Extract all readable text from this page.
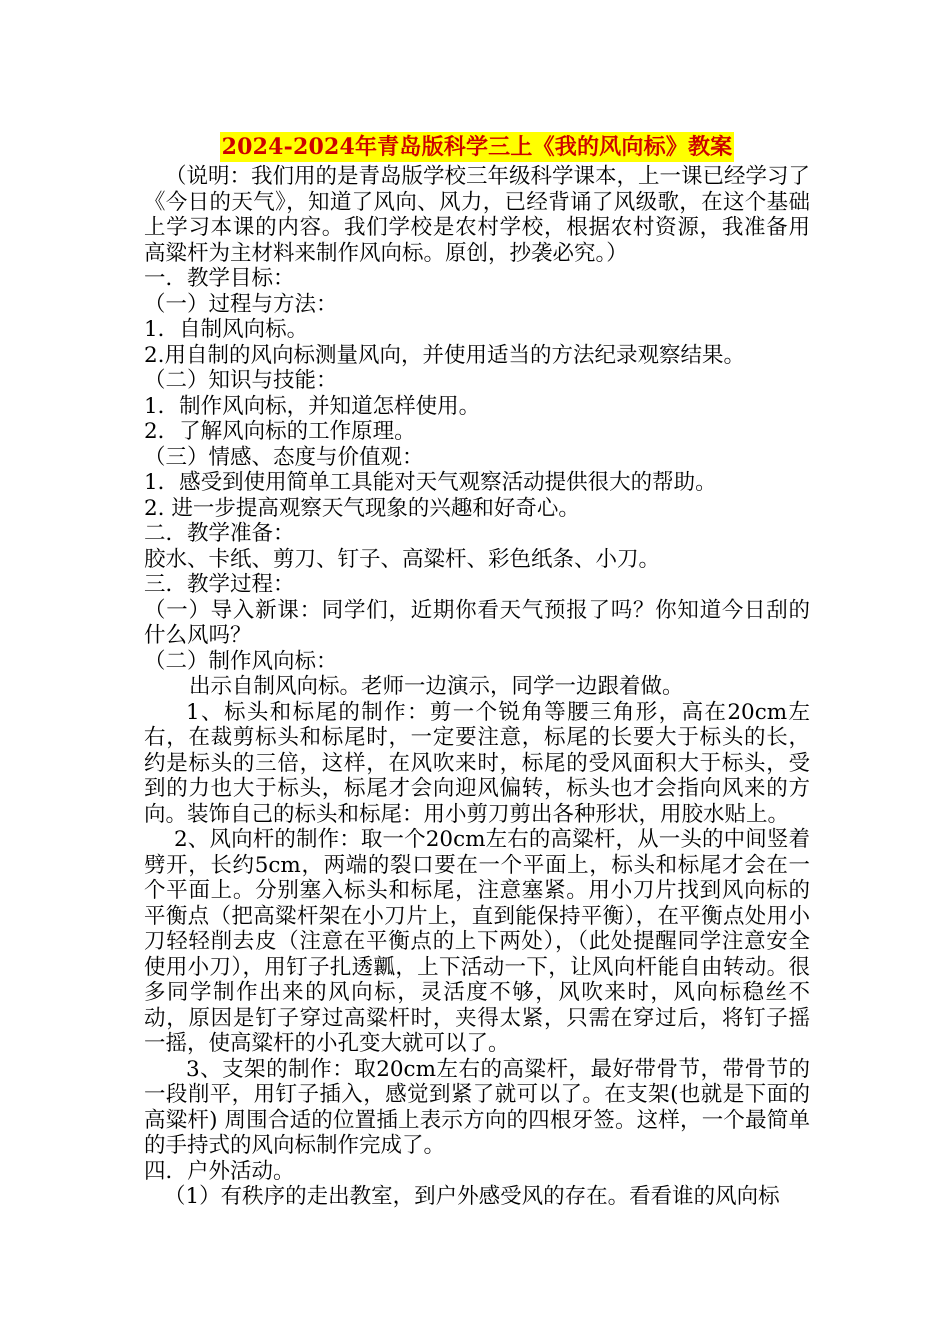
2024-2024年青岛版科学三上《我的风向标》教案

（说明：我们用的是青岛版学校三年级科学课本，上一课已经学习了《今日的天气》，知道了风向、风力，已经背诵了风级歌，在这个基础上学习本课的内容。我们学校是农村学校，根据农村资源，我准备用高粱杆为主材料来制作风向标。原创，抄袭必究。）

一．教学目标：

（一）过程与方法：

1．自制风向标。

2.用自制的风向标测量风向，并使用适当的方法纪录观察结果。

（二）知识与技能：

1．制作风向标，并知道怎样使用。

2．了解风向标的工作原理。

（三）情感、态度与价值观：

1．感受到使用简单工具能对天气观察活动提供很大的帮助。

2. 进一步提高观察天气现象的兴趣和好奇心。

二．教学准备：

胶水、卡纸、剪刀、钉子、高粱杆、彩色纸条、小刀。

三．教学过程：

（一）导入新课：同学们，近期你看天气预报了吗？你知道今日刮的什么风吗？

（二）制作风向标：

出示自制风向标。老师一边演示，同学一边跟着做。

1、标头和标尾的制作：剪一个锐角等腰三角形，高在20cm左右，在裁剪标头和标尾时，一定要注意，标尾的长要大于标头的长，约是标头的三倍，这样，在风吹来时，标尾的受风面积大于标头，受到的力也大于标头，标尾才会向迎风偏转，标头也才会指向风来的方向。装饰自己的标头和标尾：用小剪刀剪出各种形状，用胶水贴上。

2、风向杆的制作：取一个20cm左右的高粱杆，从一头的中间竖着劈开，长约5cm，两端的裂口要在一个平面上，标头和标尾才会在一个平面上。分别塞入标头和标尾，注意塞紧。用小刀片找到风向标的平衡点（把高粱杆架在小刀片上，直到能保持平衡），在平衡点处用小刀轻轻削去皮（注意在平衡点的上下两处），（此处提醒同学注意安全使用小刀），用钉子扎透瓤，上下活动一下，让风向杆能自由转动。很多同学制作出来的风向标，灵活度不够，风吹来时，风向标稳丝不动，原因是钉子穿过高粱杆时，夹得太紧，只需在穿过后，将钉子摇一摇，使高粱杆的小孔变大就可以了。

3、支架的制作：取20cm左右的高粱杆，最好带骨节，带骨节的一段削平，用钉子插入，感觉到紧了就可以了。在支架(也就是下面的高粱杆) 周围合适的位置插上表示方向的四根牙签。这样，一个最简单的手持式的风向标制作完成了。

四．户外活动。

（1）有秩序的走出教室，到户外感受风的存在。看看谁的风向标
